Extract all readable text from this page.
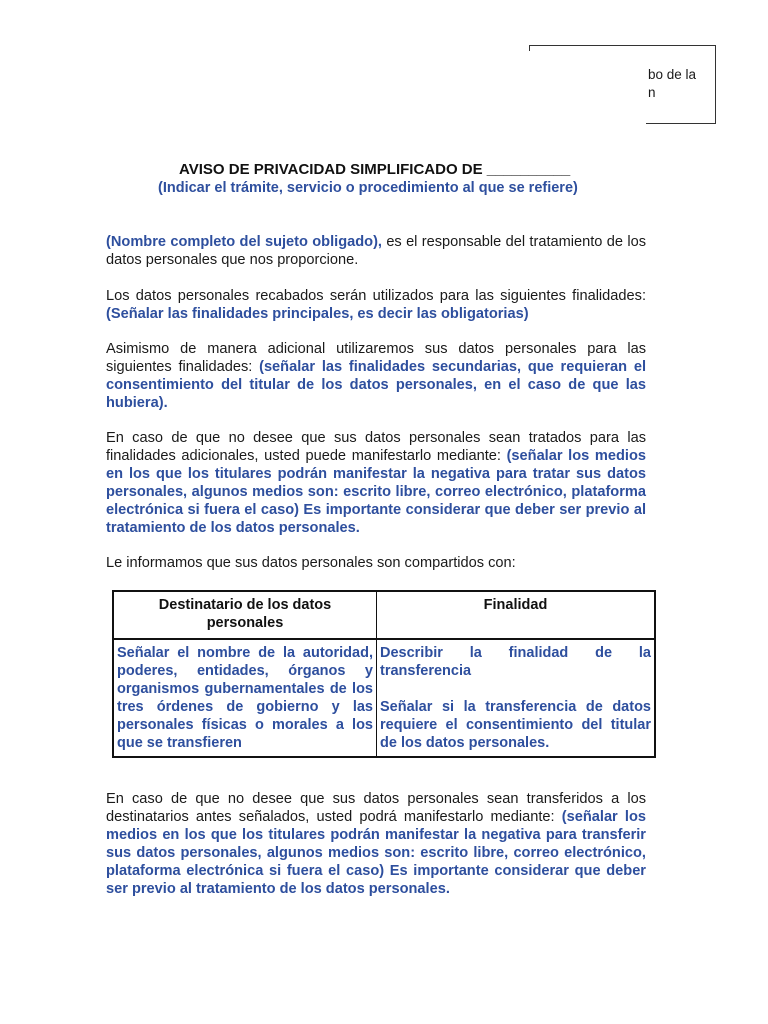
bo de la
n
AVISO DE PRIVACIDAD SIMPLIFICADO DE __________
(Indicar el trámite, servicio o procedimiento al que se refiere)
(Nombre completo del sujeto obligado), es el responsable del tratamiento de los datos personales que nos proporcione.
Los datos personales recabados serán utilizados para las siguientes finalidades: (Señalar las finalidades principales, es decir las obligatorias)
Asimismo de manera adicional utilizaremos sus datos personales para las siguientes finalidades: (señalar las finalidades secundarias, que requieran el consentimiento del titular de los datos personales, en el caso de que las hubiera).
En caso de que no desee que sus datos personales sean tratados para las finalidades adicionales, usted puede manifestarlo mediante: (señalar los medios en los que los titulares podrán manifestar la negativa para tratar sus datos personales, algunos medios son: escrito libre, correo electrónico, plataforma electrónica si fuera el caso) Es importante considerar que deber ser previo al tratamiento de los datos personales.
Le informamos que sus datos personales son compartidos con:
Destinatario de los datos personales	Finalidad
Señalar el nombre de la autoridad, poderes, entidades, órganos y organismos gubernamentales de los tres órdenes de gobierno y las personales físicas o morales a los que se transfieren	Describir la finalidad de la transferencia
Señalar si la transferencia de datos requiere el consentimiento del titular de los datos personales.
En caso de que no desee que sus datos personales sean transferidos a los destinatarios antes señalados, usted podrá manifestarlo mediante: (señalar los medios en los que los titulares podrán manifestar la negativa para transferir sus datos personales, algunos medios son: escrito libre, correo electrónico, plataforma electrónica si fuera el caso) Es importante considerar que deber ser previo al tratamiento de los datos personales.
